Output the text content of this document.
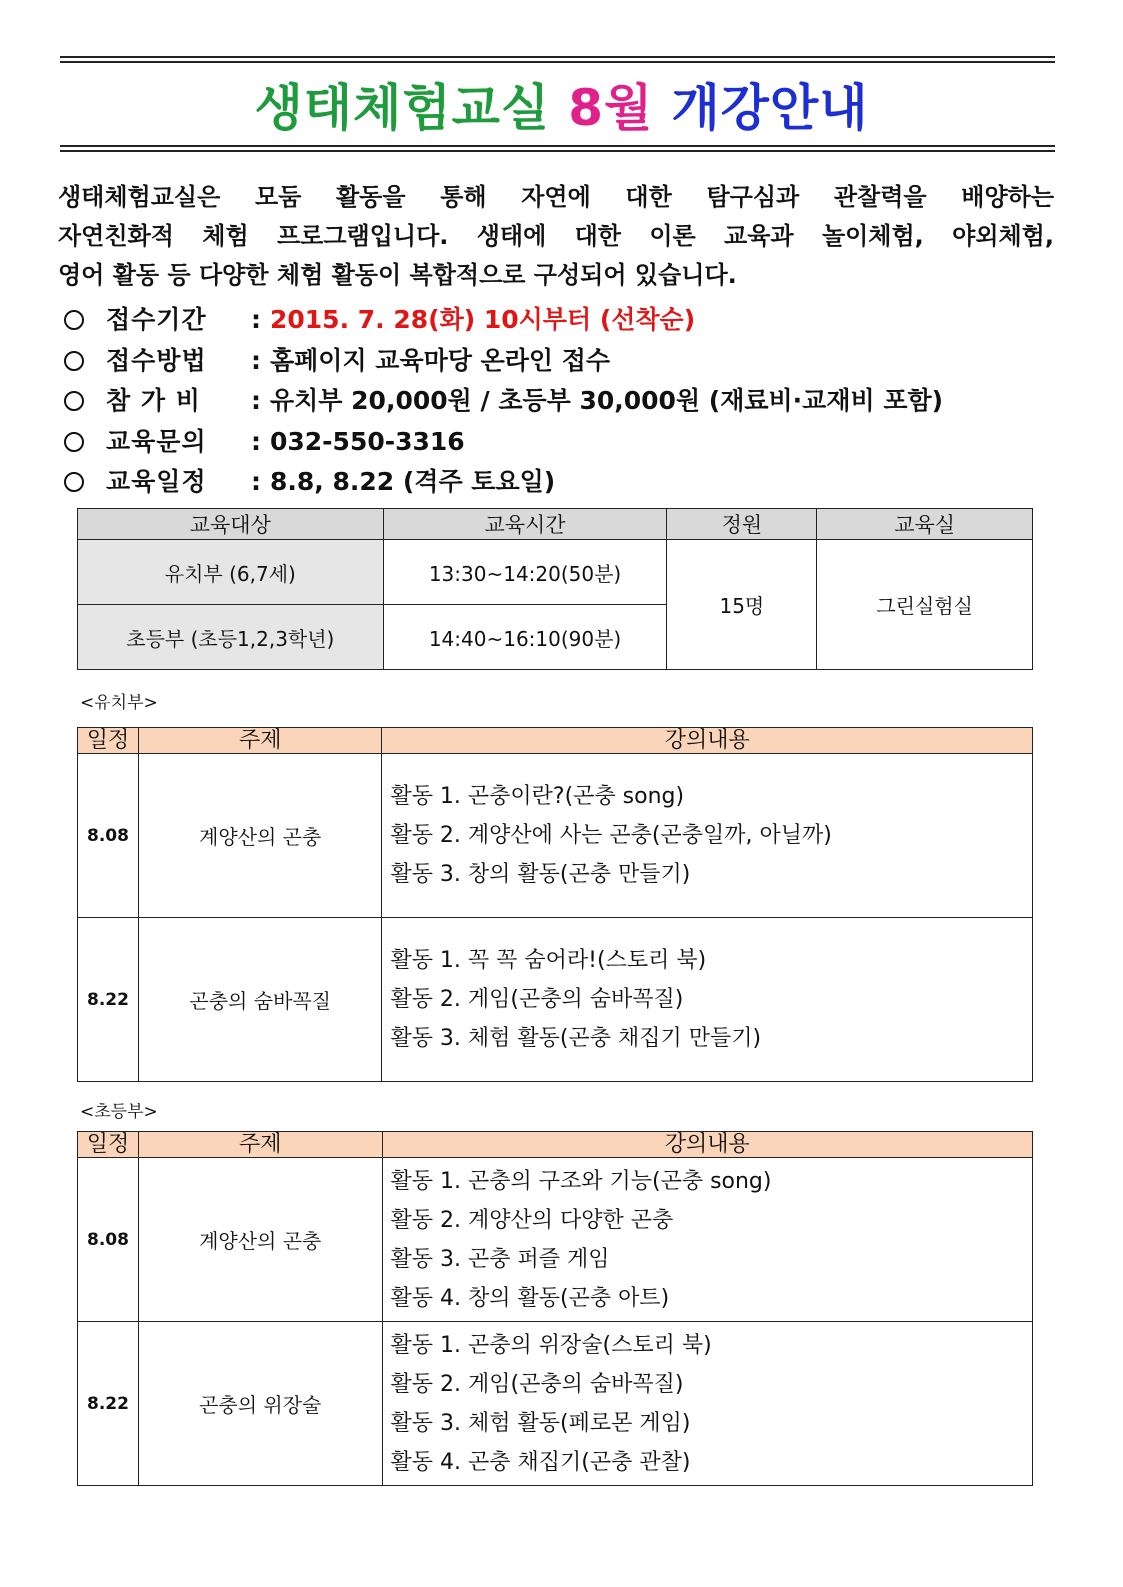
생태체험교실 8월 개강안내
생태체험교실은 모둠 활동을 통해 자연에 대한 탐구심과 관찰력을 배양하는
자연친화적 체험 프로그램입니다. 생태에 대한 이론 교육과 놀이체험, 야외체험,
영어 활동 등 다양한 체험 활동이 복합적으로 구성되어 있습니다.
접수기간	: 2015. 7. 28(화) 10시부터 (선착순)
접수방법	: 홈페이지 교육마당 온라인 접수
참 가 비	: 유치부 20,000원 / 초등부 30,000원 (재료비·교재비 포함)
교육문의	: 032-550-3316
교육일정	: 8.8, 8.22 (격주 토요일)
교육대상	교육시간	정원	교육실
유치부 (6,7세)	13:30~14:20(50분)	15명	그린실험실
초등부 (초등1,2,3학년)	14:40~16:10(90분)		
<유치부>
일정	주제	강의내용
8.08	계양산의 곤충	활동 1. 곤충이란?(곤충 song)
활동 2. 계양산에 사는 곤충(곤충일까, 아닐까)
활동 3. 창의 활동(곤충 만들기)

8.22	곤충의 숨바꼭질	활동 1. 꼭 꼭 숨어라!(스토리 북)
활동 2. 게임(곤충의 숨바꼭질)
활동 3. 체험 활동(곤충 채집기 만들기)
<초등부>
일정	주제	강의내용
8.08	계양산의 곤충	활동 1. 곤충의 구조와 기능(곤충 song)
활동 2. 계양산의 다양한 곤충
활동 3. 곤충 퍼즐 게임
활동 4. 창의 활동(곤충 아트)

8.22	곤충의 위장술	활동 1. 곤충의 위장술(스토리 북)
활동 2. 게임(곤충의 숨바꼭질)
활동 3. 체험 활동(페로몬 게임)
활동 4. 곤충 채집기(곤충 관찰)
